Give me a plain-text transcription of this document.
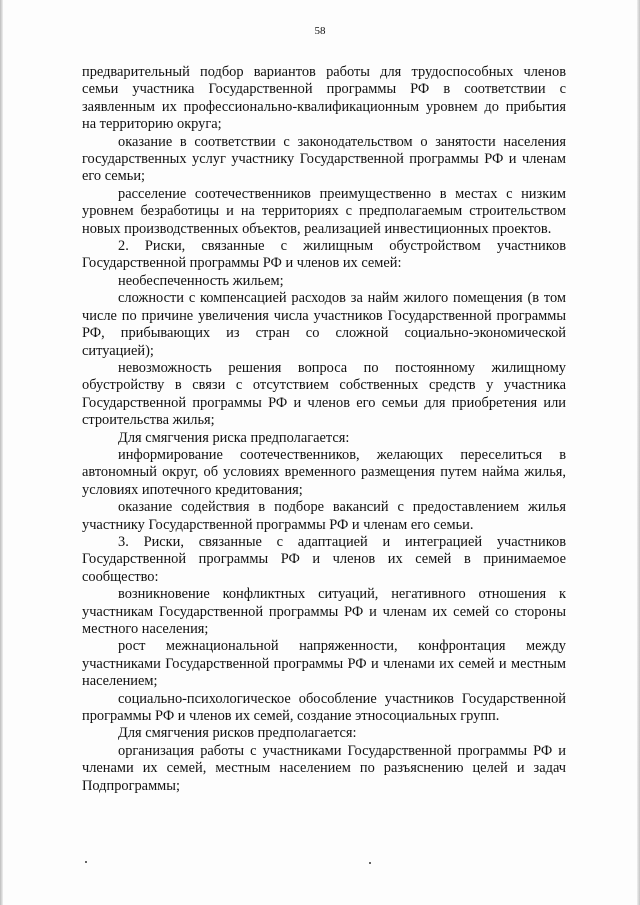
58

предварительный подбор вариантов работы для трудоспособных членов семьи участника Государственной программы РФ в соответствии с заявленным их профессионально-квалификационным уровнем до прибытия на территорию округа;

оказание в соответствии с законодательством о занятости населения государственных услуг участнику Государственной программы РФ и членам его семьи;

расселение соотечественников преимущественно в местах с низким уровнем безработицы и на территориях с предполагаемым строительством новых производственных объектов, реализацией инвестиционных проектов.

2. Риски, связанные с жилищным обустройством участников Государственной программы РФ и членов их семей:

необеспеченность жильем;

сложности с компенсацией расходов за найм жилого помещения (в том числе по причине увеличения числа участников Государственной программы РФ, прибывающих из стран со сложной социально-экономической ситуацией);

невозможность решения вопроса по постоянному жилищному обустройству в связи с отсутствием собственных средств у участника Государственной программы РФ и членов его семьи для приобретения или строительства жилья;

Для смягчения риска предполагается:

информирование соотечественников, желающих переселиться в автономный округ, об условиях временного размещения путем найма жилья, условиях ипотечного кредитования;

оказание содействия в подборе вакансий с предоставлением жилья участнику Государственной программы РФ и членам его семьи.

3. Риски, связанные с адаптацией и интеграцией участников Государственной программы РФ и членов их семей в принимаемое сообщество:

возникновение конфликтных ситуаций, негативного отношения к участникам Государственной программы РФ и членам их семей со стороны местного населения;

рост межнациональной напряженности, конфронтация между участниками Государственной программы РФ и членами их семей и местным населением;

социально-психологическое обособление участников Государственной программы РФ и членов их семей, создание этносоциальных групп.

Для смягчения рисков предполагается:

организация работы с участниками Государственной программы РФ и членами их семей, местным населением по разъяснению целей и задач Подпрограммы;
